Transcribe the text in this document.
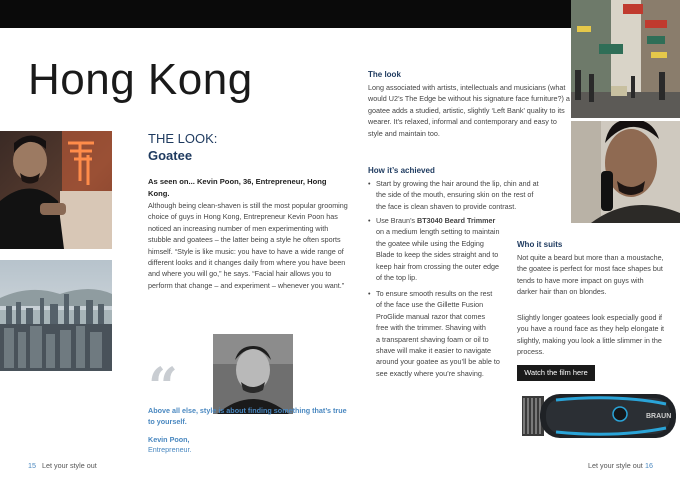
Hong Kong
THE LOOK:
Goatee
As seen on... Kevin Poon, 36, Entrepreneur, Hong Kong.
Although being clean-shaven is still the most popular grooming choice of guys in Hong Kong, Entrepreneur Kevin Poon has noticed an increasing number of men experimenting with stubble and goatees – the latter being a style he often sports himself. “Style is like music: you have to have a wide range of different looks and it changes daily from where you have been and where you will go,” he says. “Facial hair allows you to perform that change – and experiment – whenever you want.”
“
Above all else, style is about finding something that’s true to yourself.
Kevin Poon,
Entrepreneur.
15 Let your style out
The look
Long associated with artists, intellectuals and musicians (what would U2’s The Edge be without his signature face furniture?) a goatee adds a studied, artistic, slightly ‘Left Bank’ quality to its wearer. It’s relaxed, informal and contemporary and easy to style and maintain too.
How it’s achieved
• Start by growing the hair around the lip, chin and at
the side of the mouth, ensuring skin on the rest of
the face is clean shaven to provide contrast.
• Use Braun’s BT3040 Beard Trimmer
on a medium length setting to maintain
the goatee while using the Edging
Blade to keep the sides straight and to
keep hair from crossing the outer edge
of the top lip.
• To ensure smooth results on the rest
of the face use the Gillette Fusion
ProGlide manual razor that comes
free with the trimmer. Shaving with
a transparent shaving foam or oil to
shave will make it easier to navigate
around your goatee as you’ll be able to
see exactly where you’re shaving.
Who it suits
Not quite a beard but more than a moustache, the goatee is perfect for most face shapes but tends to have more impact on guys with darker hair than on blondes.
Slightly longer goatees look especially good if you have a round face as they help elongate it slightly, making you look a little slimmer in the process.
Watch the film here
BRAUN
Let your style out 16
